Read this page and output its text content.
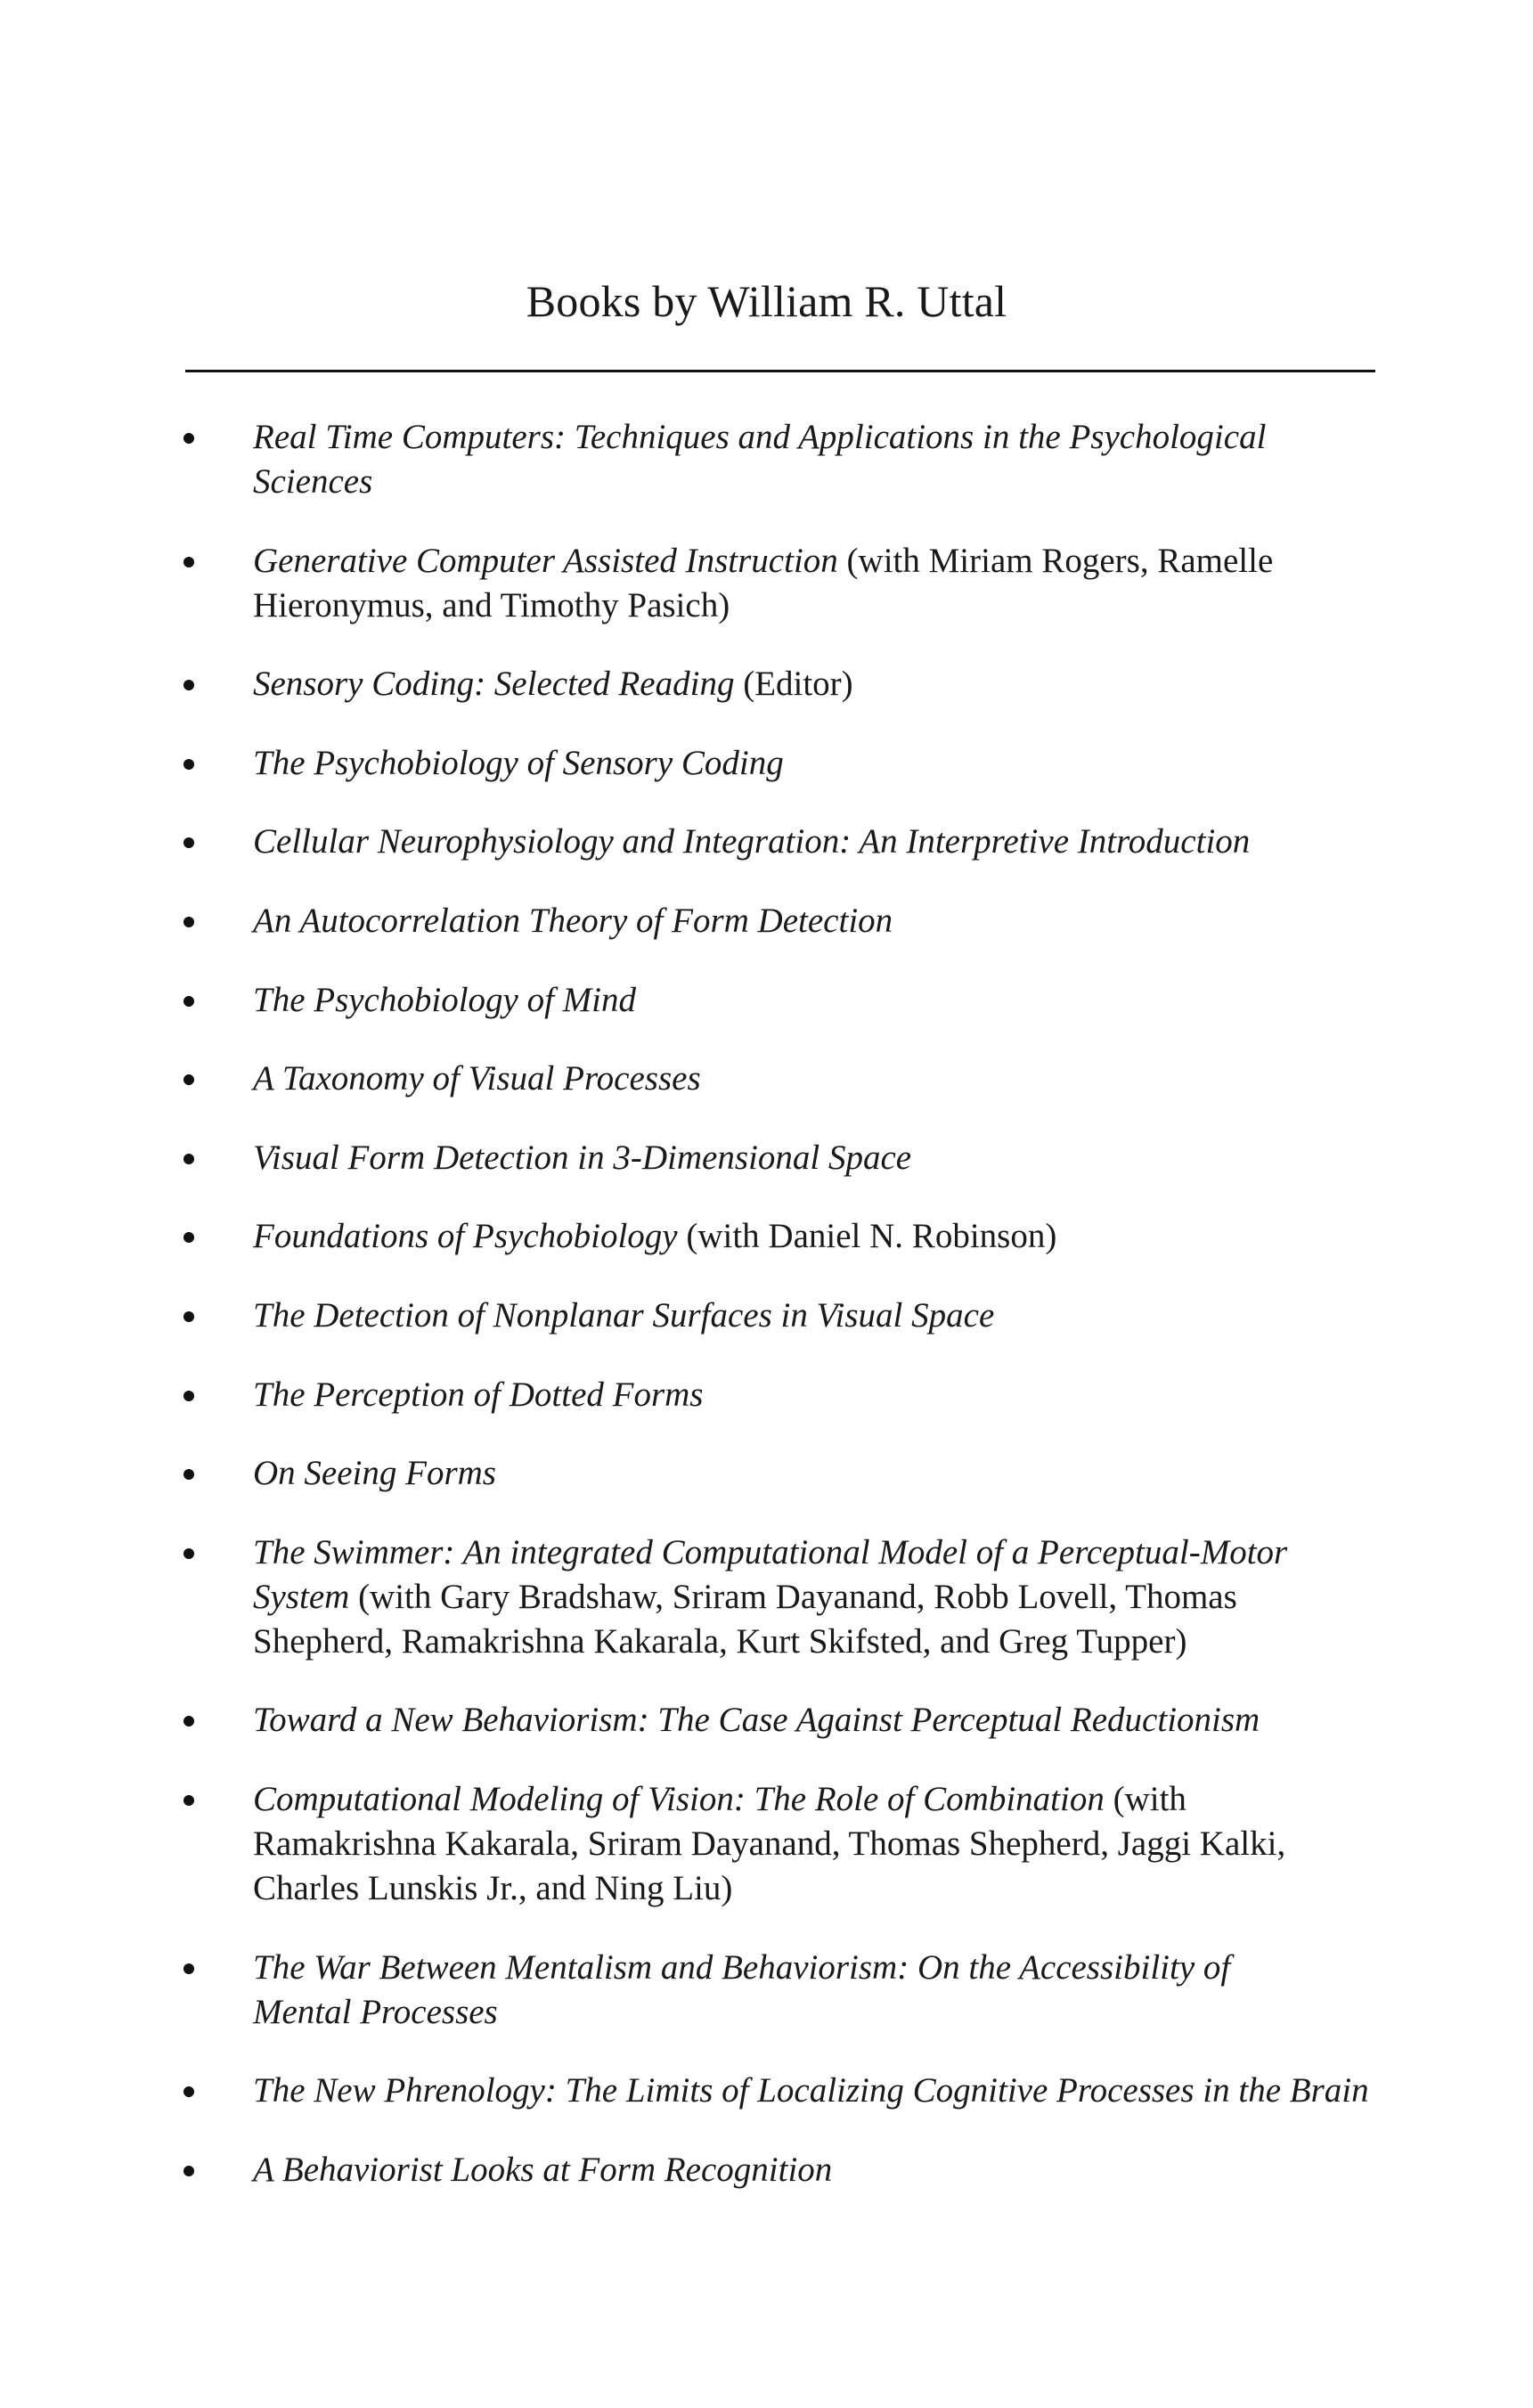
Books by William R. Uttal
Real Time Computers: Techniques and Applications in the Psychological
Sciences
Generative Computer Assisted Instruction (with Miriam Rogers, Ramelle
Hieronymus, and Timothy Pasich)
Sensory Coding: Selected Reading (Editor)
The Psychobiology of Sensory Coding
Cellular Neurophysiology and Integration: An Interpretive Introduction
An Autocorrelation Theory of Form Detection
The Psychobiology of Mind
A Taxonomy of Visual Processes
Visual Form Detection in 3-Dimensional Space
Foundations of Psychobiology (with Daniel N. Robinson)
The Detection of Nonplanar Surfaces in Visual Space
The Perception of Dotted Forms
On Seeing Forms
The Swimmer: An integrated Computational Model of a Perceptual-Motor
System (with Gary Bradshaw, Sriram Dayanand, Robb Lovell, Thomas
Shepherd, Ramakrishna Kakarala, Kurt Skifsted, and Greg Tupper)
Toward a New Behaviorism: The Case Against Perceptual Reductionism
Computational Modeling of Vision: The Role of Combination (with
Ramakrishna Kakarala, Sriram Dayanand, Thomas Shepherd, Jaggi Kalki,
Charles Lunskis Jr., and Ning Liu)
The War Between Mentalism and Behaviorism: On the Accessibility of
Mental Processes
The New Phrenology: The Limits of Localizing Cognitive Processes in the Brain
A Behaviorist Looks at Form Recognition
